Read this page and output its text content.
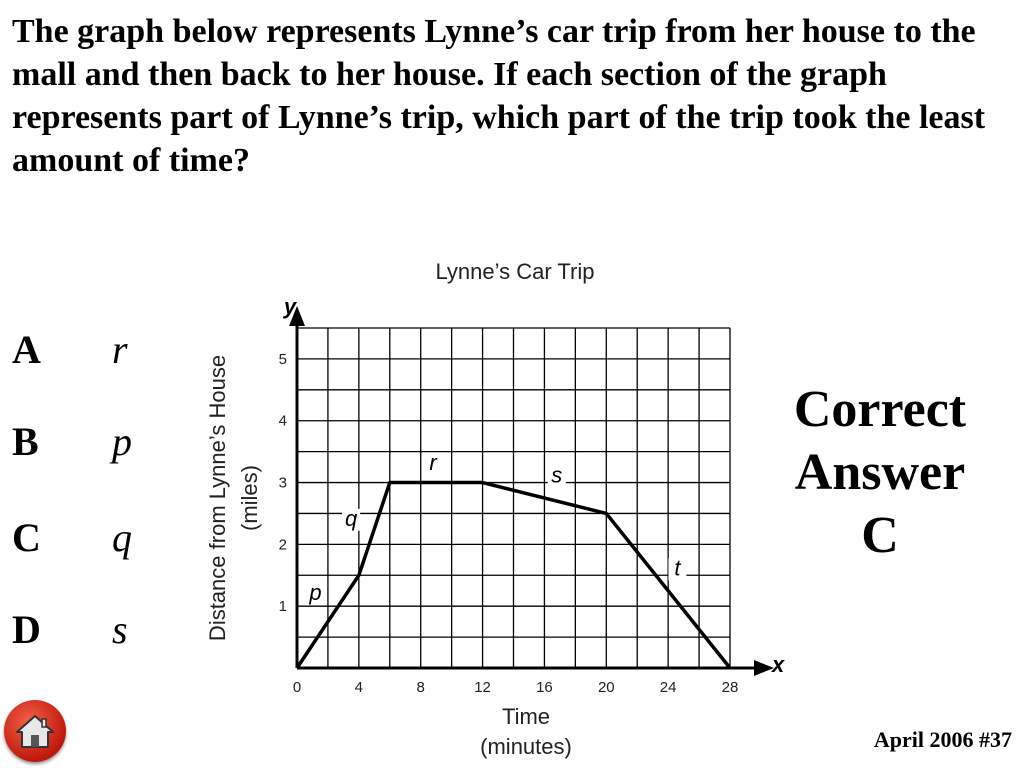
The graph below represents Lynne’s car trip from her house to the mall and then back to her house. If each section of the graph represents part of Lynne’s trip, which part of the trip took the least amount of time?

A r
B p
C q
D s
Lynne’s Car Trip
0	4	8	12	16	20	24	28
1
2
3
4
5
p
q
r	s
t
x
y
Time
(minutes)
Distance from Lynne’s House (miles)
Correct
Answer
C
April 2006 #37
